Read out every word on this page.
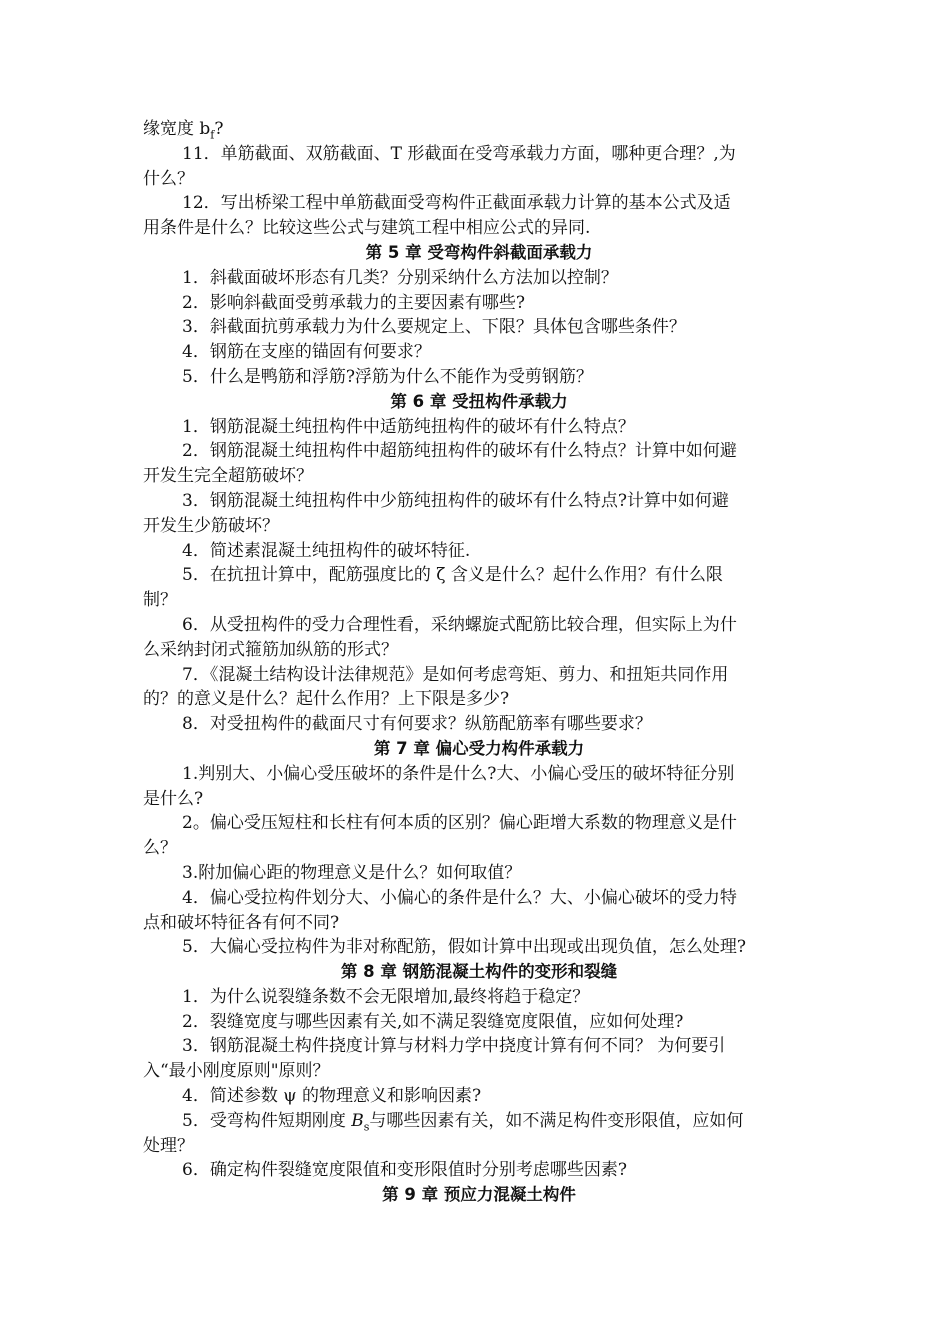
缘宽度 $b_f$?
11．单筋截面、双筋截面、T 形截面在受弯承载力方面，哪种更合理？,为
什么？
12．写出桥梁工程中单筋截面受弯构件正截面承载力计算的基本公式及适
用条件是什么？比较这些公式与建筑工程中相应公式的异同.
第 5 章 受弯构件斜截面承载力
1．斜截面破坏形态有几类？分别采纳什么方法加以控制？
2．影响斜截面受剪承载力的主要因素有哪些?
3．斜截面抗剪承载力为什么要规定上、下限？具体包含哪些条件？
4．钢筋在支座的锚固有何要求？
5．什么是鸭筋和浮筋?浮筋为什么不能作为受剪钢筋？
第 6 章 受扭构件承载力
1．钢筋混凝土纯扭构件中适筋纯扭构件的破坏有什么特点？
2．钢筋混凝土纯扭构件中超筋纯扭构件的破坏有什么特点？计算中如何避
开发生完全超筋破坏？
3．钢筋混凝土纯扭构件中少筋纯扭构件的破坏有什么特点?计算中如何避
开发生少筋破坏？
4．简述素混凝土纯扭构件的破坏特征.
5．在抗扭计算中，配筋强度比的 ζ 含义是什么？起什么作用？有什么限
制？
6．从受扭构件的受力合理性看，采纳螺旋式配筋比较合理，但实际上为什
么采纳封闭式箍筋加纵筋的形式？
7．《混凝土结构设计法律规范》是如何考虑弯矩、剪力、和扭矩共同作用
的？的意义是什么？起什么作用？上下限是多少?
8．对受扭构件的截面尺寸有何要求？纵筋配筋率有哪些要求？
第 7 章 偏心受力构件承载力
1.判别大、小偏心受压破坏的条件是什么?大、小偏心受压的破坏特征分别
是什么?
2。偏心受压短柱和长柱有何本质的区别？偏心距增大系数的物理意义是什
么？
3.附加偏心距的物理意义是什么？如何取值？
4．偏心受拉构件划分大、小偏心的条件是什么？大、小偏心破坏的受力特
点和破坏特征各有何不同?
5．大偏心受拉构件为非对称配筋，假如计算中出现或出现负值，怎么处理?
第 8 章 钢筋混凝土构件的变形和裂缝
1．为什么说裂缝条数不会无限增加,最终将趋于稳定？
2．裂缝宽度与哪些因素有关,如不满足裂缝宽度限值，应如何处理?
3．钢筋混凝土构件挠度计算与材料力学中挠度计算有何不同？ 为何要引
入“最小刚度原则"原则？
4．简述参数 ψ 的物理意义和影响因素?
5．受弯构件短期刚度 $B_s$与哪些因素有关，如不满足构件变形限值，应如何
处理？
6．确定构件裂缝宽度限值和变形限值时分别考虑哪些因素?
第 9 章 预应力混凝土构件
